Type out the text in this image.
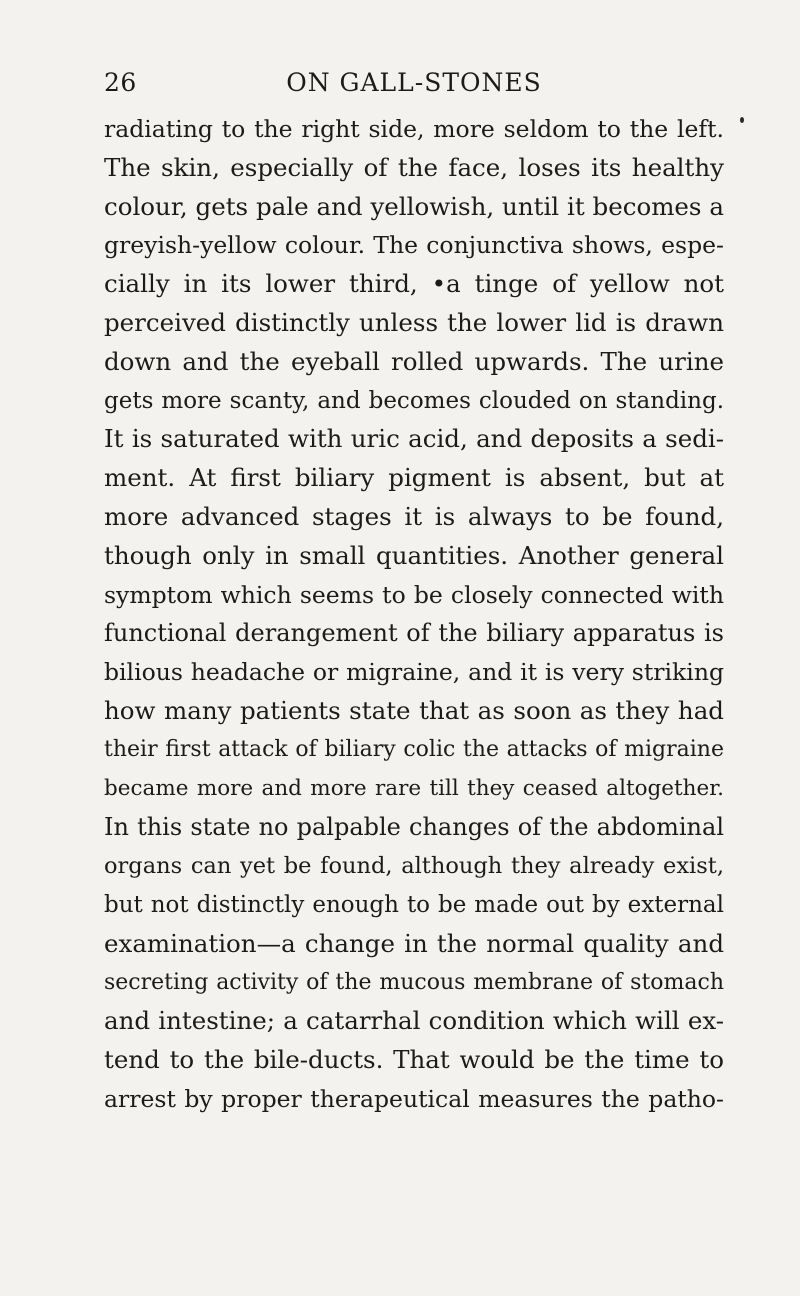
26	ON GALL-STONES
radiating to the right side, more seldom to the left.
The skin, especially of the face, loses its healthy
colour, gets pale and yellowish, until it becomes a
greyish-yellow colour. The conjunctiva shows, espe-
cially in its lower third, •a tinge of yellow not
perceived distinctly unless the lower lid is drawn
down and the eyeball rolled upwards. The urine
gets more scanty, and becomes clouded on standing.
It is saturated with uric acid, and deposits a sedi-
ment. At first biliary pigment is absent, but at
more advanced stages it is always to be found,
though only in small quantities. Another general
symptom which seems to be closely connected with
functional derangement of the biliary apparatus is
bilious headache or migraine, and it is very striking
how many patients state that as soon as they had
their first attack of biliary colic the attacks of migraine
became more and more rare till they ceased altogether.
In this state no palpable changes of the abdominal
organs can yet be found, although they already exist,
but not distinctly enough to be made out by external
examination—a change in the normal quality and
secreting activity of the mucous membrane of stomach
and intestine; a catarrhal condition which will ex-
tend to the bile-ducts. That would be the time to
arrest by proper therapeutical measures the patho-
